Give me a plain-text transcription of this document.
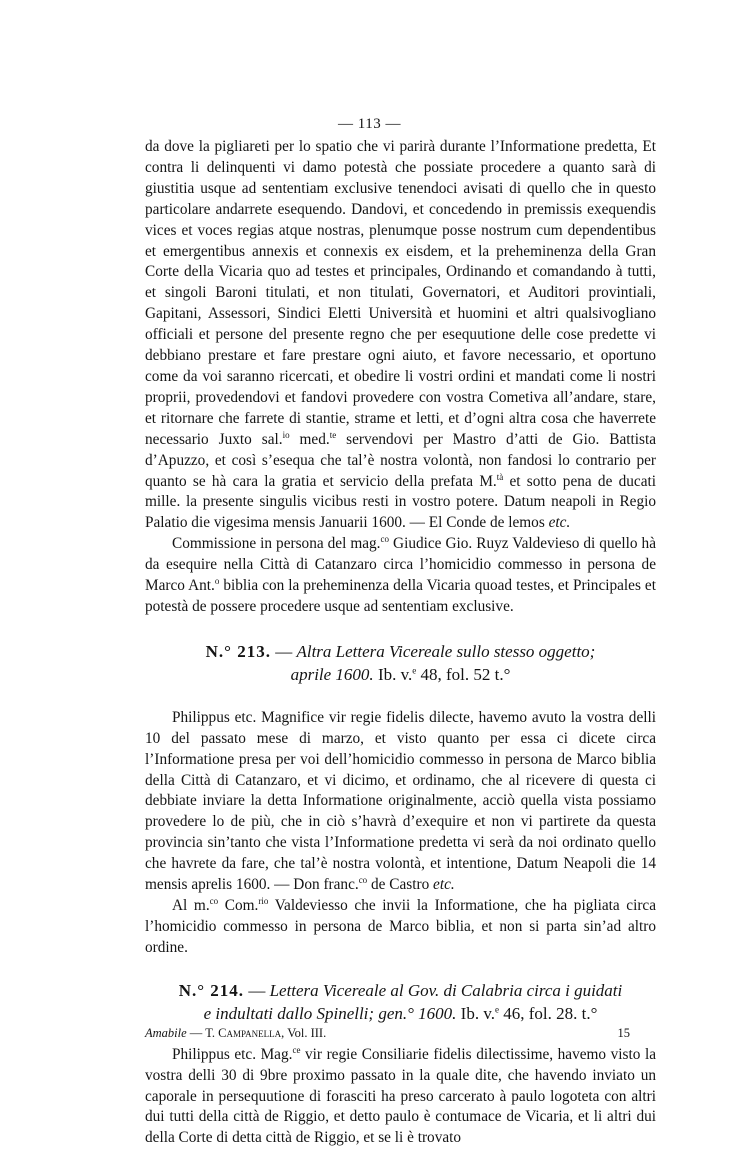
— 113 —

da dove la pigliareti per lo spatio che vi parirà durante l’Informatione predetta, Et contra li delinquenti vi damo potestà che possiate procedere a quanto sarà di giustitia usque ad sententiam exclusive tenendoci avisati di quello che in questo particolare andarrete esequendo. Dandovi, et concedendo in premissis exequendis vices et voces regias atque nostras, plenumque posse nostrum cum dependentibus et emergentibus annexis et connexis ex eisdem, et la preheminenza della Gran Corte della Vicaria quo ad testes et principales, Ordinando et comandando à tutti, et singoli Baroni titulati, et non titulati, Governatori, et Auditori provintiali, Gapitani, Assessori, Sindici Eletti Università et huomini et altri qualsivogliano officiali et persone del presente regno che per esequutione delle cose predette vi debbiano prestare et fare prestare ogni aiuto, et favore necessario, et oportuno come da voi saranno ricercati, et obedire li vostri ordini et mandati come li nostri proprii, provedendovi et fandovi provedere con vostra Cometiva all’andare, stare, et ritornare che farrete di stantie, strame et letti, et d’ogni altra cosa che haverrete necessario Juxto sal.$^{io}$ med.$^{te}$ servendovi per Mastro d’atti de Gio. Battista d’Apuzzo, et così s’esequa che tal’è nostra volontà, non fandosi lo contrario per quanto se hà cara la gratia et servicio della prefata M.$^{tà}$ et sotto pena de ducati mille. la presente singulis vicibus resti in vostro potere. Datum neapoli in Regio Palatio die vigesima mensis Januarii 1600. — El Conde de lemos etc.

Commissione in persona del mag.$^{co}$ Giudice Gio. Ruyz Valdevieso di quello hà da esequire nella Città di Catanzaro circa l’homicidio commesso in persona de Marco Ant.$^o$ biblia con la preheminenza della Vicaria quoad testes, et Principales et potestà de possere procedere usque ad sententiam exclusive.

N.° 213. — Altra Lettera Vicereale sullo stesso oggetto;
aprile 1600. Ib. v.$^e$ 48, fol. 52 t.°

Philippus etc. Magnifice vir regie fidelis dilecte, havemo avuto la vostra delli 10 del passato mese di marzo, et visto quanto per essa ci dicete circa l’Informatione presa per voi dell’homicidio commesso in persona de Marco biblia della Città di Catanzaro, et vi dicimo, et ordinamo, che al ricevere di questa ci debbiate inviare la detta Informatione originalmente, acciò quella vista possiamo provedere lo de più, che in ciò s’havrà d’exequire et non vi partirete da questa provincia sin’tanto che vista l’Informatione predetta vi serà da noi ordinato quello che havrete da fare, che tal’è nostra volontà, et intentione, Datum Neapoli die 14 mensis aprelis 1600. — Don franc.$^{co}$ de Castro etc.

Al m.$^{co}$ Com.$^{rio}$ Valdeviesso che invii la Informatione, che ha pigliata circa l’homicidio commesso in persona de Marco biblia, et non si parta sin’ad altro ordine.

N.° 214. — Lettera Vicereale al Gov. di Calabria circa i guidati
e indultati dallo Spinelli; gen.° 1600. Ib. v.$^e$ 46, fol. 28. t.°

Philippus etc. Mag.$^{ce}$ vir regie Consiliarie fidelis dilectissime, havemo visto la vostra delli 30 di 9bre proximo passato in la quale dite, che havendo inviato un caporale in persequutione di forasciti ha preso carcerato à paulo logoteta con altri dui tutti della città de Riggio, et detto paulo è contumace de Vicaria, et li altri dui della Corte di detta città de Riggio, et se li è trovato

Amabile — T. Campanella, Vol. III.	15
